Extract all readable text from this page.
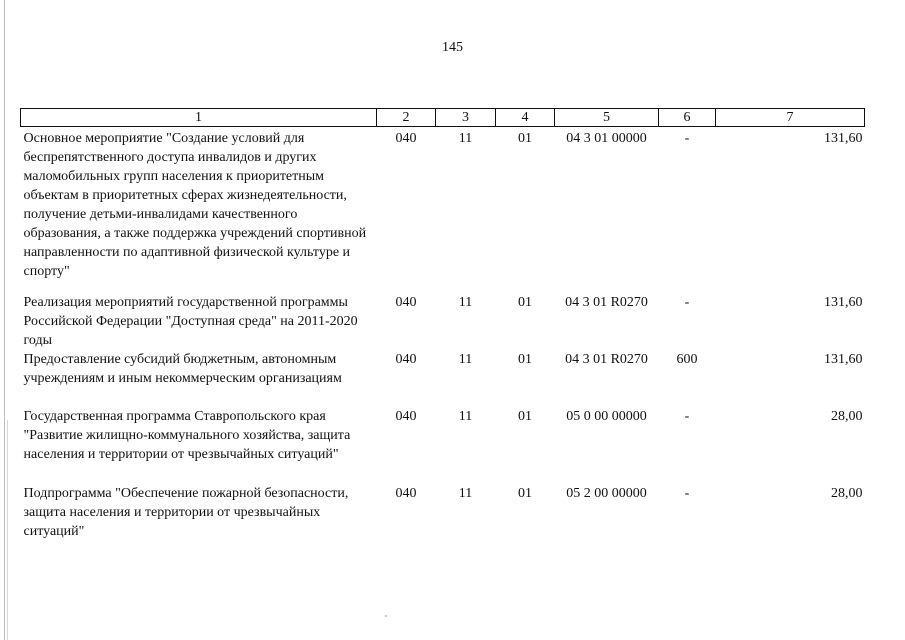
145
1	2	3	4	5	6	7
Основное мероприятие "Создание условий для беспрепятственного доступа инвалидов и других маломобильных групп населения к приоритетным объектам в приоритетных сферах жизнедеятельности, получение детьми-инвалидами качественного образования, а также поддержка учреждений спортивной направленности по адаптивной физической культуре и спорту"	040	11	01	04 3 01 00000	-	131,60
Реализация мероприятий государственной программы Российской Федерации "Доступная среда" на 2011-2020 годы	040	11	01	04 3 01 R0270	-	131,60
Предоставление субсидий бюджетным, автономным учреждениям и иным некоммерческим организациям	040	11	01	04 3 01 R0270	600	131,60
Государственная программа Ставропольского края "Развитие жилищно-коммунального хозяйства, защита населения и территории от чрезвычайных ситуаций"	040	11	01	05 0 00 00000	-	28,00
Подпрограмма "Обеспечение пожарной безопасности, защита населения и территории от чрезвычайных ситуаций"	040	11	01	05 2 00 00000	-	28,00
